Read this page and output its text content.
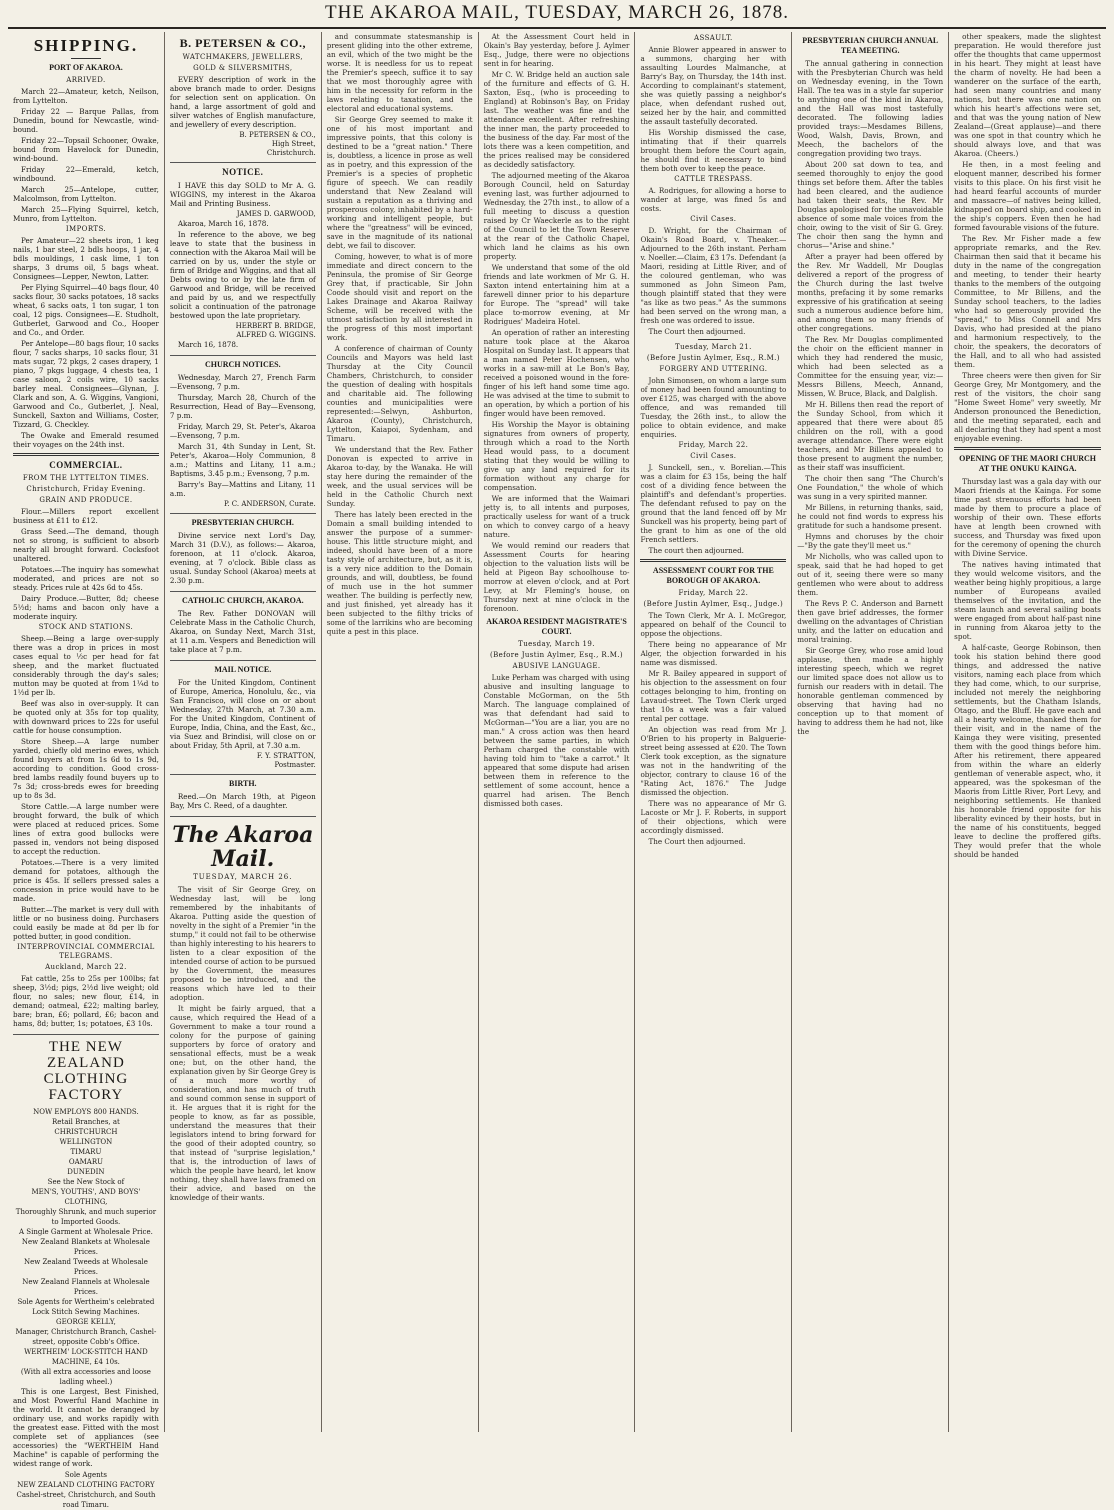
THE AKAROA MAIL, TUESDAY, MARCH 26, 1878.
SHIPPING.
PORT OF AKAROA.
ARRIVED.

March 22—Amateur, ketch, Neilson, from Lyttelton.

Friday 22 — Barque Pallas, from Dunedin, bound for Newcastle, wind-bound.

Friday 22—Topsail Schooner, Owake, bound from Havelock for Dunedin, wind-bound.

Friday 22—Emerald, ketch, windbound.

March 25—Antelope, cutter, Malcolmson, from Lyttelton.

March 25—Flying Squirrel, ketch, Munro, from Lyttelton.

IMPORTS.

Per Amateur—22 sheets iron, 1 keg nails, 1 bar steel, 2 bdls hoops, 1 jar, 4 bdls mouldings, 1 cask lime, 1 ton sharps, 3 drums oil, 5 bags wheat. Consignees—Lepper, Newton, Latter.

Per Flying Squirrel—40 bags flour, 40 sacks flour, 30 sacks potatoes, 18 sacks wheat, 6 sacks oats, 1 ton sugar, 1 ton coal, 12 pigs. Consignees—E. Studholt, Gutberlet, Garwood and Co., Hooper and Co., and Order.

Per Antelope—80 bags flour, 10 sacks flour, 7 sacks sharps, 10 sacks flour, 31 mats sugar, 72 pkgs, 2 cases drapery, 1 piano, 7 pkgs luggage, 4 chests tea, 1 case saloon, 2 coils wire, 10 sacks barley meal. Consignees—Glynan, J. Clark and son, A. G. Wiggins, Vangioni, Garwood and Co., Gutberlet, J. Neal, Sunckell, Saxton and Williams, Coster, Tizzard, G. Checkley.

The Owake and Emerald resumed their voyages on the 24th inst.

COMMERCIAL.
FROM THE LYTTELTON TIMES.
Christchurch, Friday Evening.
GRAIN AND PRODUCE.

Flour.—Millers report excellent business at £11 to £12.

Grass Seed.—The demand, though not so strong, is sufficient to absorb nearly all brought forward. Cocksfoot unaltered.

Potatoes.—The inquiry has somewhat moderated, and prices are not so steady. Prices rule at 42s 6d to 45s.

Dairy Produce.—Butter, 8d; cheese 5½d; hams and bacon only have a moderate inquiry.

STOCK AND STATIONS.

Sheep.—Being a large over-supply there was a drop in prices in most cases equal to ½c per head for fat sheep, and the market fluctuated considerably through the day's sales; mutton may be quoted at from 1¼d to 1½d per lb.

Beef was also in over-supply. It can be quoted only at 35s for top quality, with downward prices to 22s for useful cattle for house consumption.

Store Sheep.—A large number yarded, chiefly old merino ewes, which found buyers at from 1s 6d to 1s 9d, according to condition. Good cross-bred lambs readily found buyers up to 7s 3d; cross-breds ewes for breeding up to 8s 3d.

Store Cattle.—A large number were brought forward, the bulk of which were placed at reduced prices. Some lines of extra good bullocks were passed in, vendors not being disposed to accept the reduction.

Potatoes.—There is a very limited demand for potatoes, although the price is 45s. If sellers pressed sales a concession in price would have to be made.

Butter.—The market is very dull with little or no business doing. Purchasers could easily be made at 8d per lb for potted butter, in good condition.

INTERPROVINCIAL COMMERCIAL TELEGRAMS.
Auckland, March 22.

Fat cattle, 25s to 25s per 100lbs; fat sheep, 3½d; pigs, 2½d live weight; old flour, no sales; new flour, £14, in demand; oatmeal, £22; malting barley, bare; bran, £6; pollard, £6; bacon and hams, 8d; butter, 1s; potatoes, £3 10s.

THE NEW ZEALAND CLOTHING FACTORY
NOW EMPLOYS 800 HANDS.
Retail Branches, at
CHRISTCHURCH
WELLINGTON
TIMARU
OAMARU
DUNEDIN
See the New Stock of
MEN'S, YOUTHS', AND BOYS' CLOTHING,
Thoroughly Shrunk, and much superior to Imported Goods.
A Single Garment at Wholesale Price.
New Zealand Blankets at Wholesale Prices.
New Zealand Tweeds at Wholesale Prices.
New Zealand Flannels at Wholesale Prices.
Sole Agents for Wertheim's celebrated Lock Stitch Sewing Machines.
GEORGE KELLY,
Manager, Christchurch Branch, Cashel-street, opposite Cobb's Office.
WERTHEIM' LOCK-STITCH HAND MACHINE, £4 10s.
(With all extra accessories and loose ladling wheel.)

This is one Largest, Best Finished, and Most Powerful Hand Machine in the world. It cannot be deranged by ordinary use, and works rapidly with the greatest ease. Fitted with the most complete set of appliances (see accessories) the "WERTHEIM Hand Machine" is capable of performing the widest range of work.

Sole Agents
NEW ZEALAND CLOTHING FACTORY
Cashel-street, Christchurch, and South road Timaru.
B. PETERSEN & CO.,
WATCHMAKERS, JEWELLERS,
GOLD & SILVERSMITHS,

EVERY description of work in the above branch made to order. Designs for selection sent on application. On hand, a large assortment of gold and silver watches of English manufacture, and jewellery of every description.

B. PETERSEN & CO.,
High Street,
Christchurch.
NOTICE.

I HAVE this day SOLD to Mr A. G. WIGGINS, my interest in the Akaroa Mail and Printing Business.

JAMES D. GARWOOD,

Akaroa, March 16, 1878.

In reference to the above, we beg leave to state that the business in connection with the Akaroa Mail will be carried on by us, under the style or firm of Bridge and Wiggins, and that all Debts owing to or by the late firm of Garwood and Bridge, will be received and paid by us, and we respectfully solicit a continuation of the patronage bestowed upon the late proprietary.

HERBERT B. BRIDGE,
ALFRED G. WIGGINS.

March 16, 1878.

CHURCH NOTICES.

Wednesday, March 27, French Farm—Evensong, 7 p.m.

Thursday, March 28, Church of the Resurrection, Head of Bay—Evensong, 7 p.m.

Friday, March 29, St. Peter's, Akaroa—Evensong, 7 p.m.

March 31, 4th Sunday in Lent, St. Peter's, Akaroa—Holy Communion, 8 a.m.; Mattins and Litany, 11 a.m.; Baptisms, 3.45 p.m.; Evensong, 7 p.m.

Barry's Bay—Mattins and Litany, 11 a.m.

P. C. ANDERSON, Curate.
PRESBYTERIAN CHURCH.

Divine service next Lord's Day, March 31 (D.V.), as follows:— Akaroa, forenoon, at 11 o'clock. Akaroa, evening, at 7 o'clock. Bible class as usual. Sunday School (Akaroa) meets at 2.30 p.m.

CATHOLIC CHURCH, AKAROA.

The Rev. Father DONOVAN will Celebrate Mass in the Catholic Church, Akaroa, on Sunday Next, March 31st, at 11 a.m. Vespers and Benediction will take place at 7 p.m.

MAIL NOTICE.

For the United Kingdom, Continent of Europe, America, Honolulu, &c., via San Francisco, will close on or about Wednesday, 27th March, at 7.30 a.m. For the United Kingdom, Continent of Europe, India, China, and the East, &c., via Suez and Brindisi, will close on or about Friday, 5th April, at 7.30 a.m.

F. Y. STRATTON,
Postmaster.
BIRTH.

Reed.—On March 19th, at Pigeon Bay, Mrs C. Reed, of a daughter.

The Akaroa Mail.
TUESDAY, MARCH 26.

The visit of Sir George Grey, on Wednesday last, will be long remembered by the inhabitants of Akaroa. Putting aside the question of novelty in the sight of a Premier "in the stump," it could not fail to be otherwise than highly interesting to his hearers to listen to a clear exposition of the intended course of action to be pursued by the Government, the measures proposed to be introduced, and the reasons which have led to their adoption.

It might be fairly argued, that a cause, which required the Head of a Government to make a tour round a colony for the purpose of gaining supporters by force of oratory and sensational effects, must be a weak one; but, on the other hand, the explanation given by Sir George Grey is of a much more worthy of consideration, and has much of truth and sound common sense in support of it. He argues that it is right for the people to know, as far as possible, understand the measures that their legislators intend to bring forward for the good of their adopted country, so that instead of "surprise legislation," that is, the introduction of laws of which the people have heard, let know nothing, they shall have laws framed on their advice, and based on the knowledge of their wants.

and consummate statesmanship is present gliding into the other extreme, an evil, which of the two might be the worse. It is needless for us to repeat the Premier's speech, suffice it to say that we most thoroughly agree with him in the necessity for reform in the laws relating to taxation, and the electoral and educational systems.

Sir George Grey seemed to make it one of his most important and impressive points, that this colony is destined to be a "great nation." There is, doubtless, a licence in prose as well as in poetry, and this expression of the Premier's is a species of prophetic figure of speech. We can readily understand that New Zealand will sustain a reputation as a thriving and prosperous colony, inhabited by a hard-working and intelligent people, but where the "greatness" will be evinced, save in the magnitude of its national debt, we fail to discover.

Coming, however, to what is of more immediate and direct concern to the Peninsula, the promise of Sir George Grey that, if practicable, Sir John Coode should visit and report on the Lakes Drainage and Akaroa Railway Scheme, will be received with the utmost satisfaction by all interested in the progress of this most important work.

A conference of chairman of County Councils and Mayors was held last Thursday at the City Council Chambers, Christchurch, to consider the question of dealing with hospitals and charitable aid. The following counties and municipalities were represented:—Selwyn, Ashburton, Akaroa (County), Christchurch, Lyttelton, Kaiapoi, Sydenham, and Timaru.

We understand that the Rev. Father Donovan is expected to arrive in Akaroa to-day, by the Wanaka. He will stay here during the remainder of the week, and the usual services will be held in the Catholic Church next Sunday.

There has lately been erected in the Domain a small building intended to answer the purpose of a summer-house. This little structure might, and indeed, should have been of a more tasty style of architecture, but, as it is, is a very nice addition to the Domain grounds, and will, doubtless, be found of much use in the hot summer weather. The building is perfectly new, and just finished, yet already has it been subjected to the filthy tricks of some of the larrikins who are becoming quite a pest in this place.

At the Assessment Court held in Okain's Bay yesterday, before J. Aylmer Esq., Judge, there were no objections sent in for hearing.

Mr C. W. Bridge held an auction sale of the furniture and effects of G. H. Saxton, Esq., (who is proceeding to England) at Robinson's Bay, on Friday last. The weather was fine and the attendance excellent. After refreshing the inner man, the party proceeded to the business of the day. Far most of the lots there was a keen competition, and the prices realised may be considered as decidedly satisfactory.

The adjourned meeting of the Akaroa Borough Council, held on Saturday evening last, was further adjourned to Wednesday, the 27th inst., to allow of a full meeting to discuss a question raised by Cr Waeckerle as to the right of the Council to let the Town Reserve at the rear of the Catholic Chapel, which land he claims as his own property.

We understand that some of the old friends and late workmen of Mr G. H. Saxton intend entertaining him at a farewell dinner prior to his departure for Europe. The "spread" will take place to-morrow evening, at Mr Rodrigues' Madeira Hotel.

An operation of rather an interesting nature took place at the Akaroa Hospital on Sunday last. It appears that a man named Peter Hochensen, who works in a saw-mill at Le Bon's Bay, received a poisoned wound in the fore-finger of his left hand some time ago. He was advised at the time to submit to an operation, by which a portion of his finger would have been removed.

His Worship the Mayor is obtaining signatures from owners of property, through which a road to the North Head would pass, to a document stating that they would be willing to give up any land required for its formation without any charge for compensation.

We are informed that the Waimari jetty is, to all intents and purposes, practically useless for want of a truck on which to convey cargo of a heavy nature.

We would remind our readers that Assessment Courts for hearing objection to the valuation lists will be held at Pigeon Bay schoolhouse to-morrow at eleven o'clock, and at Port Levy, at Mr Fleming's house, on Thursday next at nine o'clock in the forenoon.

AKAROA RESIDENT MAGISTRATE'S COURT.
Tuesday, March 19.
(Before Justin Aylmer, Esq., R.M.)
ABUSIVE LANGUAGE.

Luke Perham was charged with using abusive and insulting language to Constable McGorman, on the 5th March. The language complained of was that defendant had said to McGorman—"You are a liar, you are no man." A cross action was then heard between the same parties, in which Perham charged the constable with having told him to "take a carrot." It appeared that some dispute had arisen between them in reference to the settlement of some account, hence a quarrel had arisen. The Bench dismissed both cases.

ASSAULT.

Annie Blower appeared in answer to a summons, charging her with assaulting Lourdes Malmanche, at Barry's Bay, on Thursday, the 14th inst. According to complainant's statement, she was quietly passing a neighbor's place, when defendant rushed out, seized her by the hair, and committed the assault tastefully decorated.

His Worship dismissed the case, intimating that if their quarrels brought them before the Court again, he should find it necessary to bind them both over to keep the peace.

CATTLE TRESPASS.

A. Rodrigues, for allowing a horse to wander at large, was fined 5s and costs.

Civil Cases.

D. Wright, for the Chairman of Okain's Road Board, v. Theaker.—Adjourned to the 26th instant. Perham v. Noeller.—Claim, £3 17s. Defendant (a Maori, residing at Little River, and of the coloured gentleman, who was summoned as John Simeon Pam, though plaintiff stated that they were "as like as two peas." As the summons had been served on the wrong man, a fresh one was ordered to issue.

The Court then adjourned.

Tuesday, March 21.
(Before Justin Aylmer, Esq., R.M.)
FORGERY AND UTTERING.

John Simonsen, on whom a large sum of money had been found amounting to over £125, was charged with the above offence, and was remanded till Tuesday, the 26th inst., to allow the police to obtain evidence, and make enquiries.

Friday, March 22.
Civil Cases.

J. Sunckell, sen., v. Borelian.—This was a claim for £3 15s, being the half cost of a dividing fence between the plaintiff's and defendant's properties. The defendant refused to pay on the ground that the land fenced off by Mr Sunckell was his property, being part of the grant to him as one of the old French settlers.

The court then adjourned.

ASSESSMENT COURT FOR THE BOROUGH OF AKAROA.
Friday, March 22.
(Before Justin Aylmer, Esq., Judge.)

The Town Clerk, Mr A. I. McGregor, appeared on behalf of the Council to oppose the objections.

There being no appearance of Mr Alger, the objection forwarded in his name was dismissed.

Mr R. Bailey appeared in support of his objection to the assessment on four cottages belonging to him, fronting on Lavaud-street. The Town Clerk urged that 10s a week was a fair valued rental per cottage.

An objection was read from Mr J. O'Brien to his property in Balguerie-street being assessed at £20. The Town Clerk took exception, as the signature was not in the handwriting of the objector, contrary to clause 16 of the "Rating Act, 1876." The Judge dismissed the objection.

There was no appearance of Mr G. Lacoste or Mr J. F. Roberts, in support of their objections, which were accordingly dismissed.

The Court then adjourned.

PRESBYTERIAN CHURCH ANNUAL TEA MEETING.

The annual gathering in connection with the Presbyterian Church was held on Wednesday evening, in the Town Hall. The tea was in a style far superior to anything one of the kind in Akaroa, and the Hall was most tastefully decorated. The following ladies provided trays:—Mesdames Billens, Wood, Walsh, Davis, Brown, and Meech, the bachelors of the congregation providing two trays.

About 200 sat down to tea, and seemed thoroughly to enjoy the good things set before them. After the tables had been cleared, and the audience had taken their seats, the Rev. Mr Douglas apologised for the unavoidable absence of some male voices from the choir, owing to the visit of Sir G. Grey. The choir then sang the hymn and chorus—"Arise and shine."

After a prayer had been offered by the Rev. Mr Waddell, Mr Douglas delivered a report of the progress of the Church during the last twelve months, prefacing it by some remarks expressive of his gratification at seeing such a numerous audience before him, and among them so many friends of other congregations.

The Rev. Mr Douglas complimented the choir on the efficient manner in which they had rendered the music, which had been selected as a Committee for the ensuing year, viz:—Messrs Billens, Meech, Annand, Missen, W. Bruce, Black, and Dalglish.

Mr H. Billens then read the report of the Sunday School, from which it appeared that there were about 85 children on the roll, with a good average attendance. There were eight teachers, and Mr Billens appealed to those present to augment the number, as their staff was insufficient.

The choir then sang "The Church's One Foundation," the whole of which was sung in a very spirited manner.

Mr Billens, in returning thanks, said, he could not find words to express his gratitude for such a handsome present.

Hymns and choruses by the choir—"By the gate they'll meet us."

Mr Nicholls, who was called upon to speak, said that he had hoped to get out of it, seeing there were so many gentlemen who were about to address them.

The Revs P. C. Anderson and Barnett then gave brief addresses, the former dwelling on the advantages of Christian unity, and the latter on education and moral training.

Sir George Grey, who rose amid loud applause, then made a highly interesting speech, which we regret our limited space does not allow us to furnish our readers with in detail. The honorable gentleman commenced by observing that having had no conception up to that moment of having to address them he had not, like the

other speakers, made the slightest preparation. He would therefore just offer the thoughts that came uppermost in his heart. They might at least have the charm of novelty. He had been a wanderer on the surface of the earth, had seen many countries and many nations, but there was one nation on which his heart's affections were set, and that was the young nation of New Zealand—(Great applause)—and there was one spot in that country which he should always love, and that was Akaroa. (Cheers.)

He then, in a most feeling and eloquent manner, described his former visits to this place. On his first visit he had heard fearful accounts of murder and massacre—of natives being killed, kidnapped on board ship, and cooked in the ship's coppers. Even then he had formed favourable visions of the future.

The Rev. Mr Fisher made a few appropriate remarks, and the Rev. Chairman then said that it became his duty in the name of the congregation and meeting, to tender their hearty thanks to the members of the outgoing Committee, to Mr Billens, and the Sunday school teachers, to the ladies who had so generously provided the "spread," to Miss Connell and Mrs Davis, who had presided at the piano and harmonium respectively, to the choir, the speakers, the decorators of the Hall, and to all who had assisted them.

Three cheers were then given for Sir George Grey, Mr Montgomery, and the rest of the visitors, the choir sang "Home Sweet Home" very sweetly, Mr Anderson pronounced the Benediction, and the meeting separated, each and all declaring that they had spent a most enjoyable evening.

OPENING OF THE MAORI CHURCH AT THE ONUKU KAINGA.

Thursday last was a gala day with our Maori friends at the Kainga. For some time past strenuous efforts had been made by them to procure a place of worship of their own. These efforts have at length been crowned with success, and Thursday was fixed upon for the ceremony of opening the church with Divine Service.

The natives having intimated that they would welcome visitors, and the weather being highly propitious, a large number of Europeans availed themselves of the invitation, and the steam launch and several sailing boats were engaged from about half-past nine in running from Akaroa jetty to the spot.

A half-caste, George Robinson, then took his station behind there good things, and addressed the native visitors, naming each place from which they had come, which, to our surprise, included not merely the neighboring settlements, but the Chatham Islands, Otago, and the Bluff. He gave each and all a hearty welcome, thanked them for their visit, and in the name of the Kainga they were visiting, presented them with the good things before him. After his retirement, there appeared from within the whare an elderly gentleman of venerable aspect, who, it appeared, was the spokesman of the Maoris from Little River, Port Levy, and neighboring settlements. He thanked his honorable friend opposite for his liberality evinced by their hosts, but in the name of his constituents, begged leave to decline the proffered gifts. They would prefer that the whole should be handed
